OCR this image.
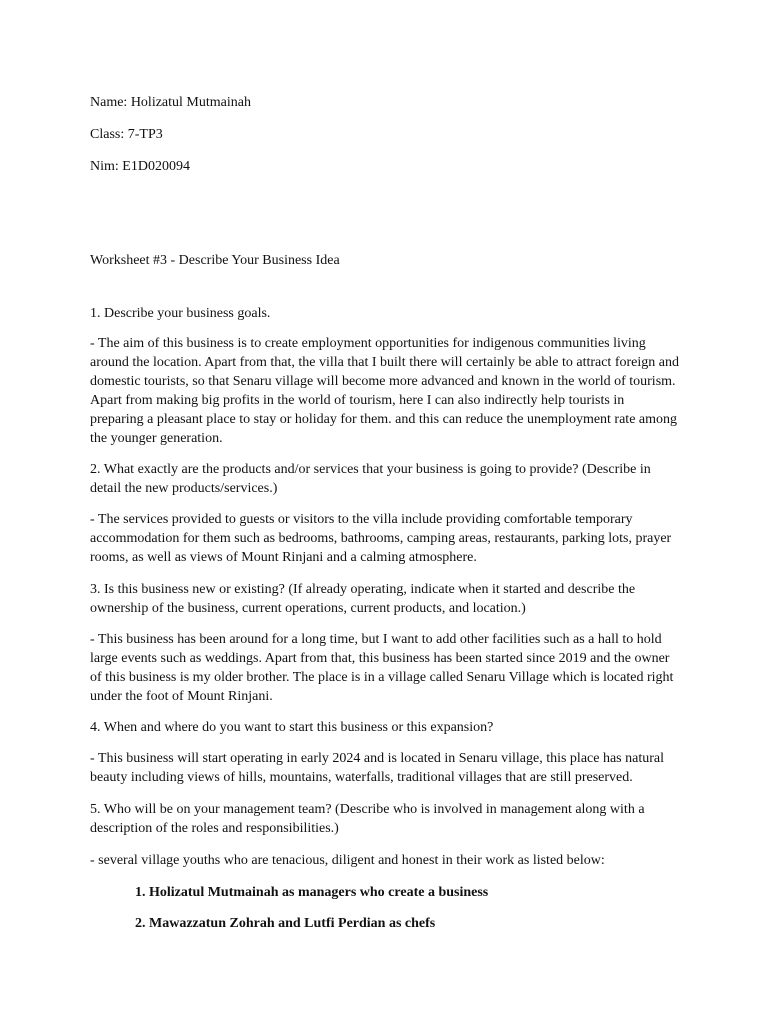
Name: Holizatul Mutmainah

Class: 7-TP3

Nim: E1D020094

Worksheet #3 - Describe Your Business Idea

1. Describe your business goals.

- The aim of this business is to create employment opportunities for indigenous communities living around the location. Apart from that, the villa that I built there will certainly be able to attract foreign and domestic tourists, so that Senaru village will become more advanced and known in the world of tourism. Apart from making big profits in the world of tourism, here I can also indirectly help tourists in preparing a pleasant place to stay or holiday for them. and this can reduce the unemployment rate among the younger generation.

2. What exactly are the products and/or services that your business is going to provide? (Describe in detail the new products/services.)

- The services provided to guests or visitors to the villa include providing comfortable temporary accommodation for them such as bedrooms, bathrooms, camping areas, restaurants, parking lots, prayer rooms, as well as views of Mount Rinjani and a calming atmosphere.

3. Is this business new or existing? (If already operating, indicate when it started and describe the ownership of the business, current operations, current products, and location.)

- This business has been around for a long time, but I want to add other facilities such as a hall to hold large events such as weddings. Apart from that, this business has been started since 2019 and the owner of this business is my older brother. The place is in a village called Senaru Village which is located right under the foot of Mount Rinjani.

4. When and where do you want to start this business or this expansion?

- This business will start operating in early 2024 and is located in Senaru village, this place has natural beauty including views of hills, mountains, waterfalls, traditional villages that are still preserved.

5. Who will be on your management team? (Describe who is involved in management along with a description of the roles and responsibilities.)

- several village youths who are tenacious, diligent and honest in their work as listed below:

1. Holizatul Mutmainah as managers who create a business

2. Mawazzatun Zohrah and Lutfi Perdian as chefs
